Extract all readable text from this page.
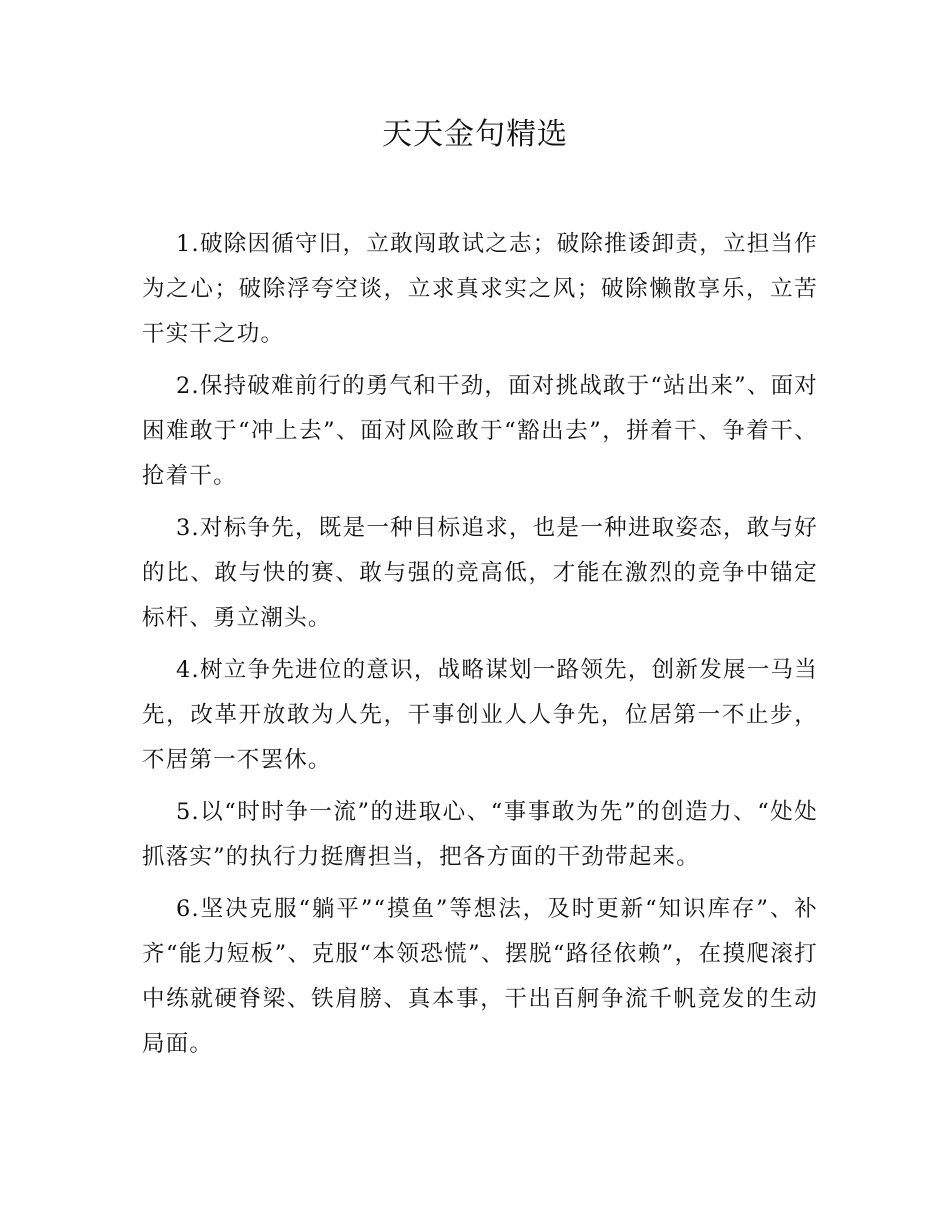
天天金句精选

1.破除因循守旧，立敢闯敢试之志；破除推诿卸责，立担当作为之心；破除浮夸空谈，立求真求实之风；破除懒散享乐，立苦干实干之功。

2.保持破难前行的勇气和干劲，面对挑战敢于“站出来”、面对困难敢于“冲上去”、面对风险敢于“豁出去”，拼着干、争着干、抢着干。

3.对标争先，既是一种目标追求，也是一种进取姿态，敢与好的比、敢与快的赛、敢与强的竞高低，才能在激烈的竞争中锚定标杆、勇立潮头。

4.树立争先进位的意识，战略谋划一路领先，创新发展一马当先，改革开放敢为人先，干事创业人人争先，位居第一不止步，不居第一不罢休。

5.以“时时争一流”的进取心、“事事敢为先”的创造力、“处处抓落实”的执行力挺膺担当，把各方面的干劲带起来。

6.坚决克服“躺平”“摸鱼”等想法，及时更新“知识库存”、补齐“能力短板”、克服“本领恐慌”、摆脱“路径依赖”，在摸爬滚打中练就硬脊梁、铁肩膀、真本事，干出百舸争流千帆竞发的生动局面。
